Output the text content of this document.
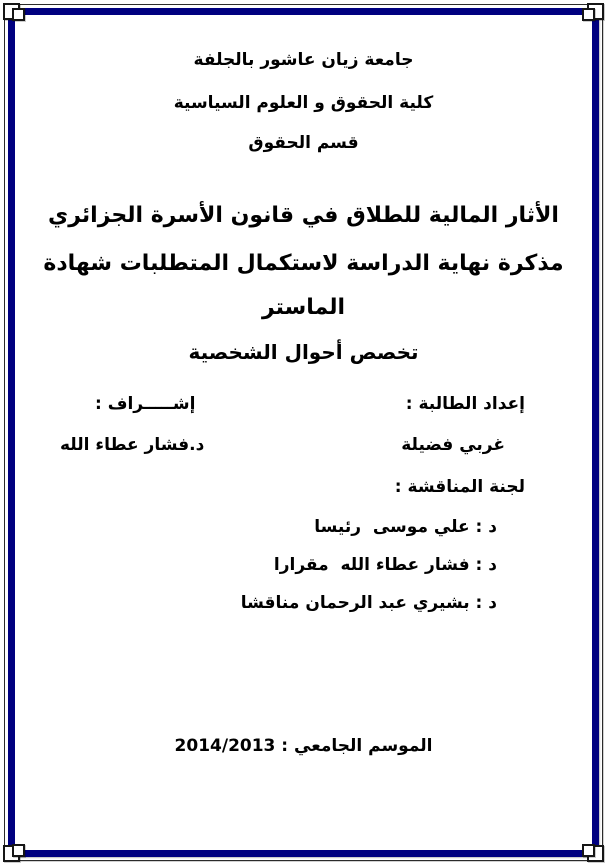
جامعة زيان عاشور بالجلفة
كلية الحقوق و العلوم السياسية
قسم الحقوق
الأثار المالية للطلاق في قانون الأسرة الجزائري
مذكرة نهاية الدراسة لاستكمال المتطلبات شهادة
الماستر
تخصص أحوال الشخصية
إعداد الطالبة :
إشـــــراف :
غربي فضيلة
د.فشار عطاء الله
لجنة المناقشة :
د : علي موسى  رئيسا
د : فشار عطاء الله  مقرارا
د : بشيري عبد الرحمان مناقشا
الموسم الجامعي : 2014/2013
